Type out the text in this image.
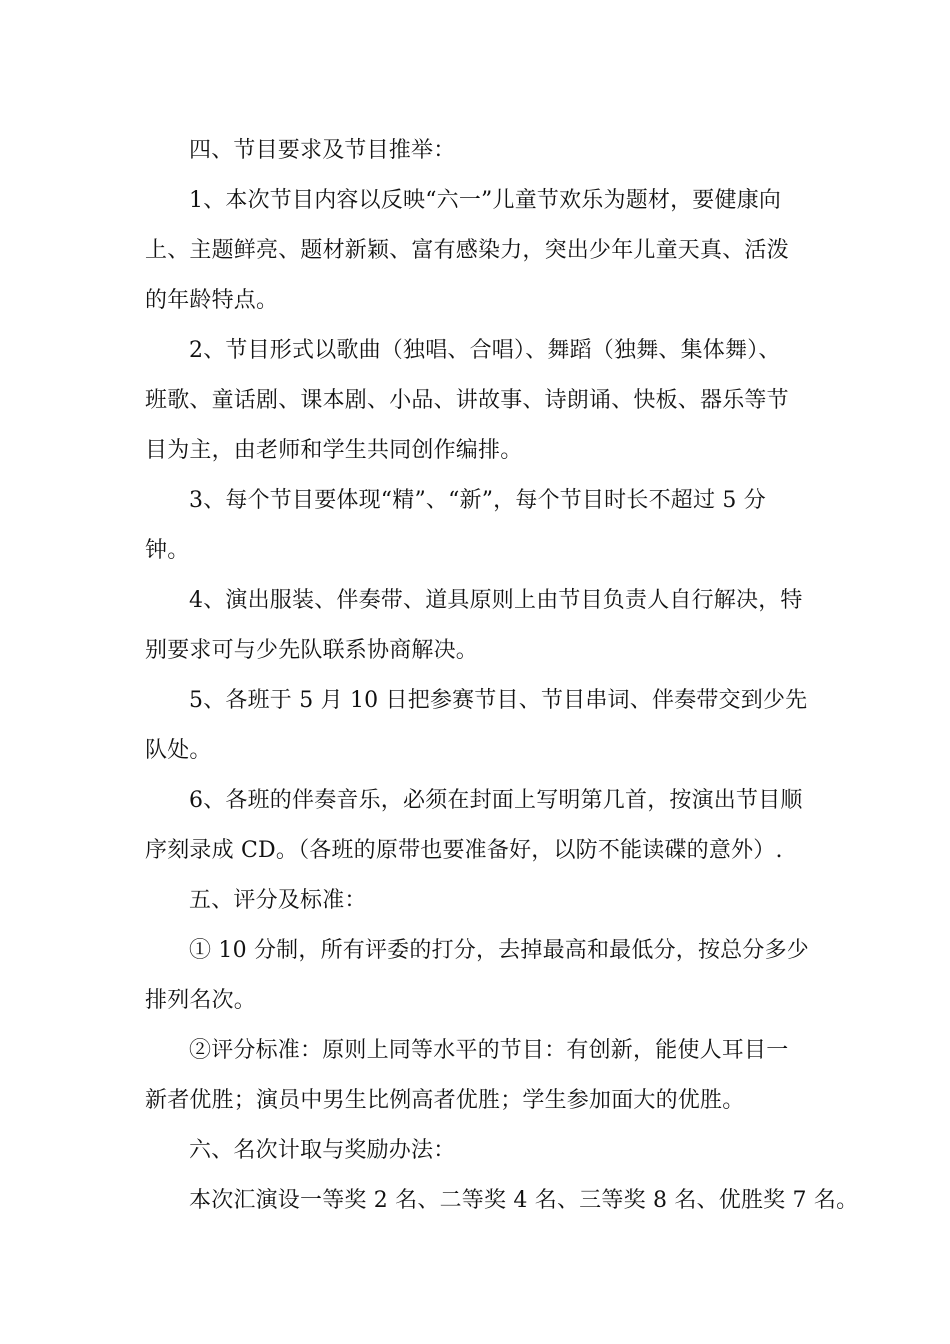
四、节目要求及节目推举：

1、本次节目内容以反映“六一”儿童节欢乐为题材，要健康向
上、主题鲜亮、题材新颖、富有感染力，突出少年儿童天真、活泼
的年龄特点。

2、节目形式以歌曲（独唱、合唱）、舞蹈（独舞、集体舞）、
班歌、童话剧、课本剧、小品、讲故事、诗朗诵、快板、器乐等节
目为主，由老师和学生共同创作编排。

3、每个节目要体现“精”、“新”，每个节目时长不超过 5 分
钟。

4、演出服装、伴奏带、道具原则上由节目负责人自行解决，特
别要求可与少先队联系协商解决。

5、各班于 5 月 10 日把参赛节目、节目串词、伴奏带交到少先
队处。

6、各班的伴奏音乐，必须在封面上写明第几首，按演出节目顺
序刻录成 CD。（各班的原带也要准备好，以防不能读碟的意外）.

五、评分及标准：

① 10 分制，所有评委的打分，去掉最高和最低分，按总分多少
排列名次。

②评分标准：原则上同等水平的节目：有创新，能使人耳目一
新者优胜；演员中男生比例高者优胜；学生参加面大的优胜。

六、名次计取与奖励办法：

本次汇演设一等奖 2 名、二等奖 4 名、三等奖 8 名、优胜奖 7 名。
